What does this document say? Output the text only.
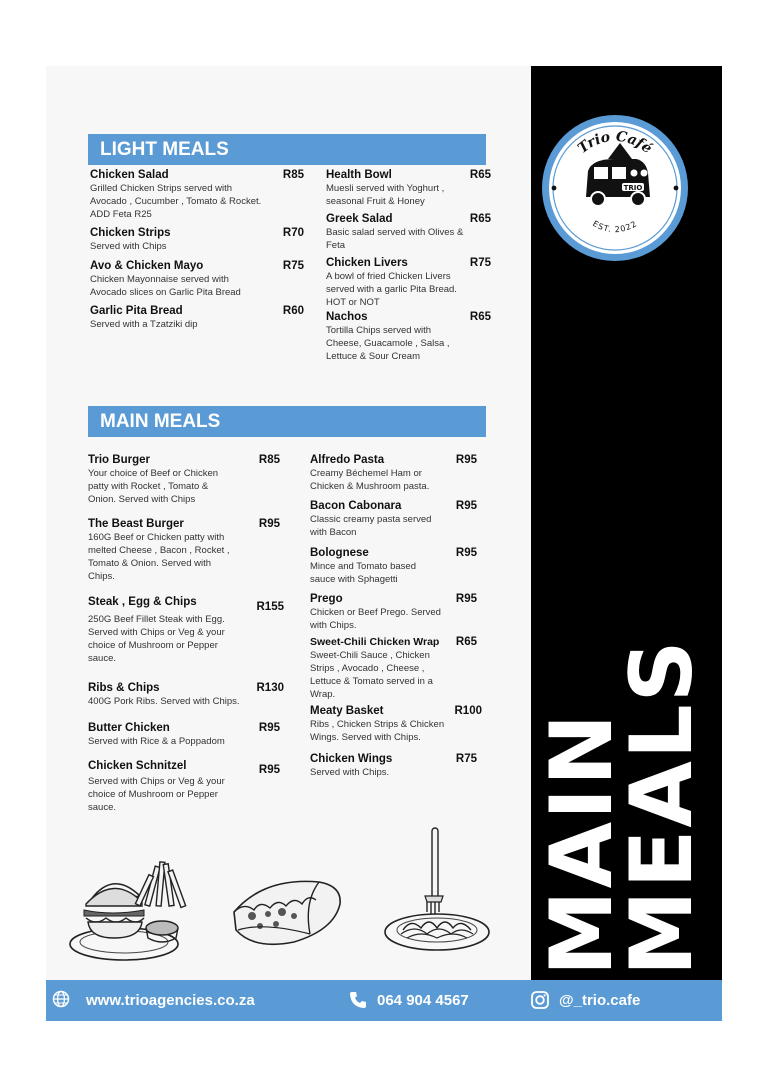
LIGHT MEALS
Chicken Salad	R85
Grilled Chicken Strips served with
Avocado , Cucumber , Tomato & Rocket.
ADD Feta R25
Chicken Strips	R70
Served with Chips
Avo & Chicken Mayo	R75
Chicken Mayonnaise served with
Avocado slices on Garlic Pita Bread
Garlic Pita Bread	R60
Served with a Tzatziki dip
Health Bowl	R65
Muesli served with Yoghurt ,
seasonal Fruit & Honey
Greek Salad	R65
Basic salad served with Olives &
Feta
Chicken Livers	R75
A bowl of fried Chicken Livers
served with a garlic Pita Bread.
HOT or NOT
Nachos	R65
Tortilla Chips served with
Cheese, Guacamole , Salsa ,
Lettuce & Sour Cream
MAIN MEALS
Trio Burger	R85
Your choice of Beef or Chicken
patty with Rocket , Tomato &
Onion. Served with Chips
The Beast Burger	R95
160G Beef or Chicken patty with
melted Cheese , Bacon , Rocket ,
Tomato & Onion. Served with
Chips.
Steak , Egg & Chips	R155
250G Beef Fillet Steak with Egg.
Served with Chips or Veg & your
choice of Mushroom or Pepper
sauce.
Ribs & Chips	R130
400G Pork Ribs. Served with Chips.
Butter Chicken	R95
Served with Rice & a Poppadom
Chicken Schnitzel	R95
Served with Chips or Veg & your
choice of Mushroom or Pepper
sauce.
Alfredo Pasta	R95
Creamy Béchemel Ham or
Chicken & Mushroom pasta.
Bacon Cabonara	R95
Classic creamy pasta served
with Bacon
Bolognese	R95
Mince and Tomato based
sauce with Sphagetti
Prego	R95
Chicken or Beef Prego. Served
with Chips.
Sweet-Chili Chicken Wrap	R65
Sweet-Chili Sauce , Chicken
Strips , Avocado , Cheese ,
Lettuce & Tomato served in a
Wrap.
Meaty Basket	R100
Ribs , Chicken Strips & Chicken
Wings. Served with Chips.
Chicken Wings	R75
Served with Chips.
Trio Café
EST. 2022
TRIO
MAIN
MEALS
www.trioagencies.co.za	064 904 4567	@_trio.cafe
